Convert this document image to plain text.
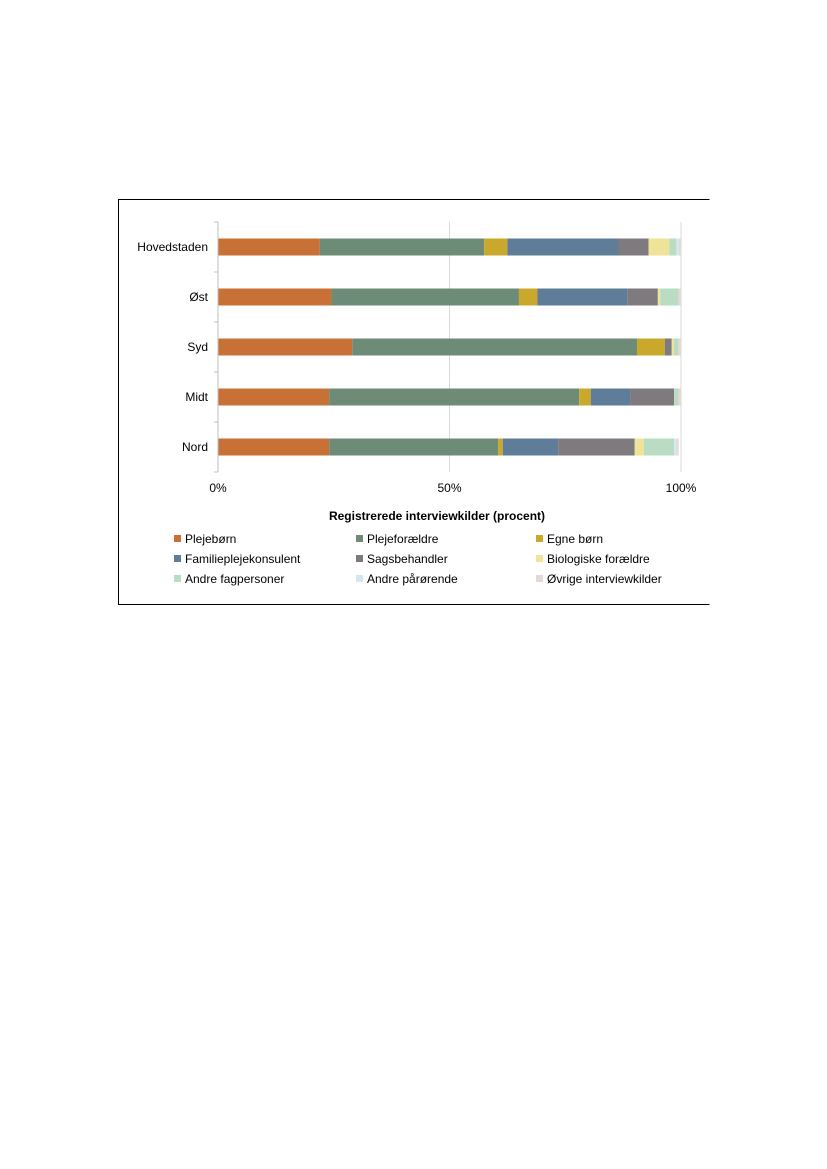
0%	50%	100%
Hovedstaden
Øst
Syd
Midt
Nord
Plejebørn	Plejeforældre	Egne børn
Familieplejekonsulent	Sagsbehandler	Biologiske forældre
Andre fagpersoner	Andre pårørende	Øvrige interviewkilder
Registrerede interviewkilder (procent)
